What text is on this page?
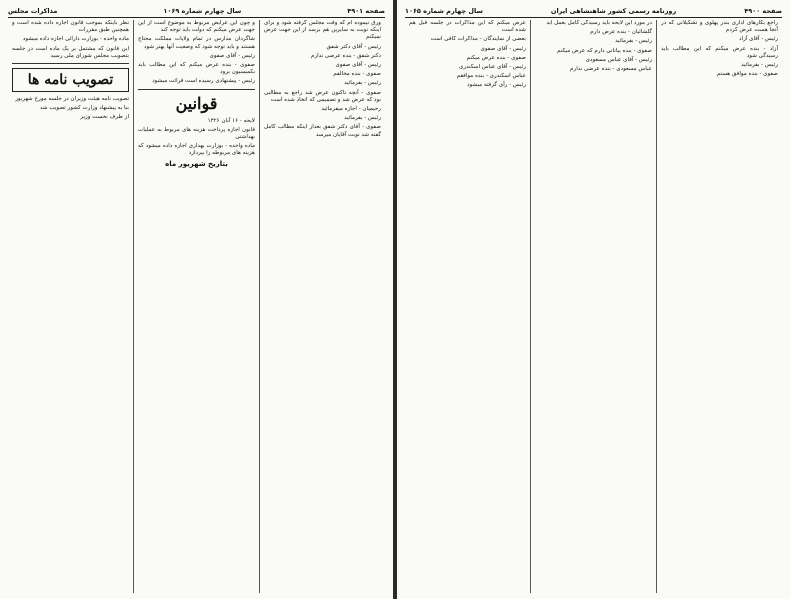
صفحه ۴۹۰۱
سال چهارم شماره ۱۰۶۹
مذاکرات مجلس

ورق نیموده ام که وقت مجلس گرفته شود و برای اینکه نوبت به سایرین هم برسد از این جهت عرض نمیکنم

رئیس - آقای دکتر شفق

دکتر شفق - بنده عرضی ندارم

رئیس - آقای صفوی

صفوی - بنده مخالفم

رئیس - بفرمائید

صفوی - آنچه تاکنون عرض شد راجع به مطالبی بود که عرض شد و تصمیمی که اتخاذ شده است

رحیمیان - اجازه میفرمائید

رئیس - بفرمائید

صفوی - آقای دکتر شفق بعداز اینکه مطالب کامل گفته شد نوبت آقایان میرسد

و چون این عرایض مربوط به موضوع است از این جهت عرض میکنم که دولت باید توجه کند

شاگردان مدارس در تمام ولایات مملکت محتاج هستند و باید توجه شود که وضعیت آنها بهتر شود

رئیس - آقای صفوی

صفوی - بنده عرض میکنم که این مطالب باید بکمیسیون برود

رئیس - پیشنهادی رسیده است قرائت میشود

قوانین

لایحه - ۱۶ آبان ۱۳۲۶

قانون اجازه پرداخت هزینه های مربوط به عملیات بهداشتی

ماده واحده - بوزارت بهداری اجازه داده میشود که هزینه های مربوطه را بپردازد

بتاریخ شهریور ماه

نظر باینکه بموجب قانون اجازه داده شده است و همچنین طبق مقررات

ماده واحده - بوزارت دارائی اجازه داده میشود

این قانون که مشتمل بر یک ماده است در جلسه بتصویب مجلس شورای ملی رسید

تصویب نامه ها

تصویب نامه هیئت وزیران در جلسه مورخ شهریور

بنا به پیشنهاد وزارت کشور تصویب شد

از طرف نخست وزیر

صفحه ۴۹۰۰
روزنامه رسمی کشور شاهنشاهی ایران
سال چهارم شماره ۱۰۶۵

راجع بکارهای اداری بندر پهلوی و تشکیلاتی که در آنجا هست عرض کردم

رئیس - آقای آزاد

آزاد - بنده عرض میکنم که این مطالب باید رسیدگی شود

رئیس - بفرمائید

صفوی - بنده موافق هستم

در مورد این لایحه باید رسیدگی کامل بعمل آید

گلشائیان - بنده عرض دارم

رئیس - بفرمائید

صفوی - بنده بیاناتی دارم که عرض میکنم

رئیس - آقای عباس مسعودی

عباس مسعودی - بنده عرضی ندارم

عرض میکنم که این مذاکرات در جلسه قبل هم شده است

بعضی از نمایندگان - مذاکرات کافی است

رئیس - آقای صفوی

صفوی - بنده عرض میکنم

رئیس - آقای عباس اسکندری

عباس اسکندری - بنده موافقم

رئیس - رأی گرفته میشود
